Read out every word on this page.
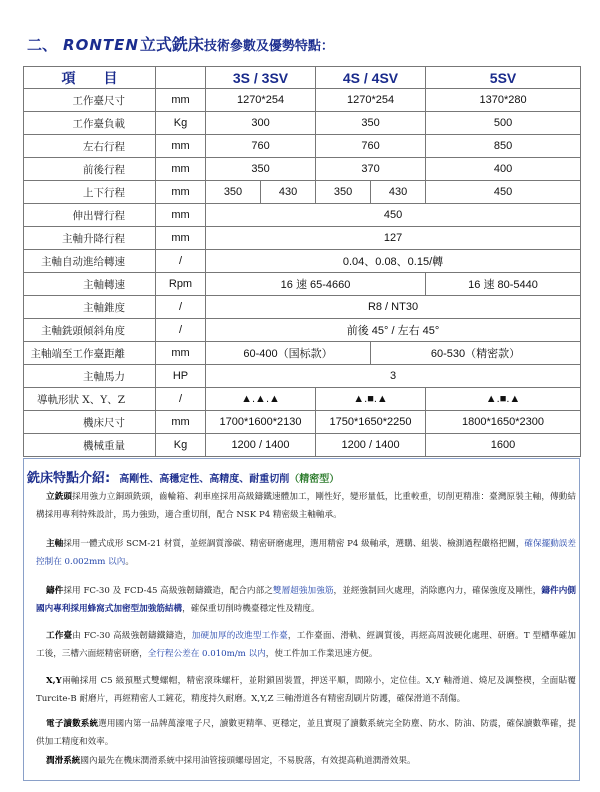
二、 RONTEN 立式銑床 技術參數及優勢特點：
項　　目		3S / 3SV		4S / 4SV		5SV
工作臺尺寸	mm	1270*254		1270*254		1370*280
工作臺負載	Kg	300		350		500
左右行程	mm	760		760		850
前後行程	mm	350		370		400
上下行程	mm	350	430	350	430	450
伸出臂行程	mm	450				
主軸升降行程	mm	127				
主軸自动進给轉速	/	0.04、0.08、0.15/轉				
主軸轉速	Rpm	16 速 65-4660				16 速 80-5440
主軸錐度	/	R8 / NT30				
主軸銑頭傾斜角度	/	前後 45° / 左右 45°				
主軸端至工作臺距離	mm	60-400（国标款）			60-530（精密款）	
主軸馬力	HP	3				
導軌形狀 X、Y、Z	/	▲.▲.▲		▲.■.▲		▲.■.▲
機床尺寸	mm	1700*1600*2130		1750*1650*2250		1800*1650*2300
機械重量	Kg	1200 / 1400		1200 / 1400		1600
銑床特點介紹: 高剛性、高穩定性、高精度、耐重切削（精密型）
立銑頭採用強力立銅頭銑頭，齒輪箱、剎車座採用高級鑄鐵速體加工，剛性好，變形量低，比重較重，切削更精准：臺灣原裝主軸，傳動結構採用專利特殊設計，馬力強勁，適合重切削，配合 NSK P4 精密級主軸軸承。
主軸採用一體式成形 SCM-21 材質，並經調質滲碳、精密研磨處理，選用精密 P4 級軸承，選購、組裝、檢測過程嚴格把關，確保擺動誤差控制在 0.002mm 以內。
鑄件採用 FC-30 及 FCD-45 高級強韌鑄鐵造，配合内部之雙層超強加強筋，並經強制回火處理，消除應內力，確保強度及剛性，鑄件内側國内專利採用蜂窩式加密型加強筋結構，確保重切削時機臺穩定性及精度。
工作臺由 FC-30 高級強韌鑄鐵鑄造，加硬加厚的改進型工作臺，工作臺面、滑軌、經調質後，再經高周波硬化處理、研磨。T 型槽準確加工後，三槽六面經精密研磨，全行程公差在 0.010m/m 以内，使工件加工作業迅速方便。
X,Y兩軸採用 C5 級預壓式雙螺帽，精密滾珠螺杆，並附鎖固裝置，押送平順，間隙小，定位佳。X,Y 軸滑道、燒尼及調整楔，全面貼覆 Turcite-B 耐磨片，再經精密人工鏟花，精度持久耐磨。X,Y,Z 三軸滑道各有精密刮刷片防護，確保滑道不刮傷。
電子讀數系統選用國内第一品牌萬濠電子尺，讀數更精準、更穩定，並且實現了讀數系統完全防塵、防水、防油、防震，確保讀數準確，提供加工精度和效率。
潤滑系統國內最先在機床潤滑系統中採用油管接頭螺母固定，不易脫落，有效提高軌道潤滑效果。
